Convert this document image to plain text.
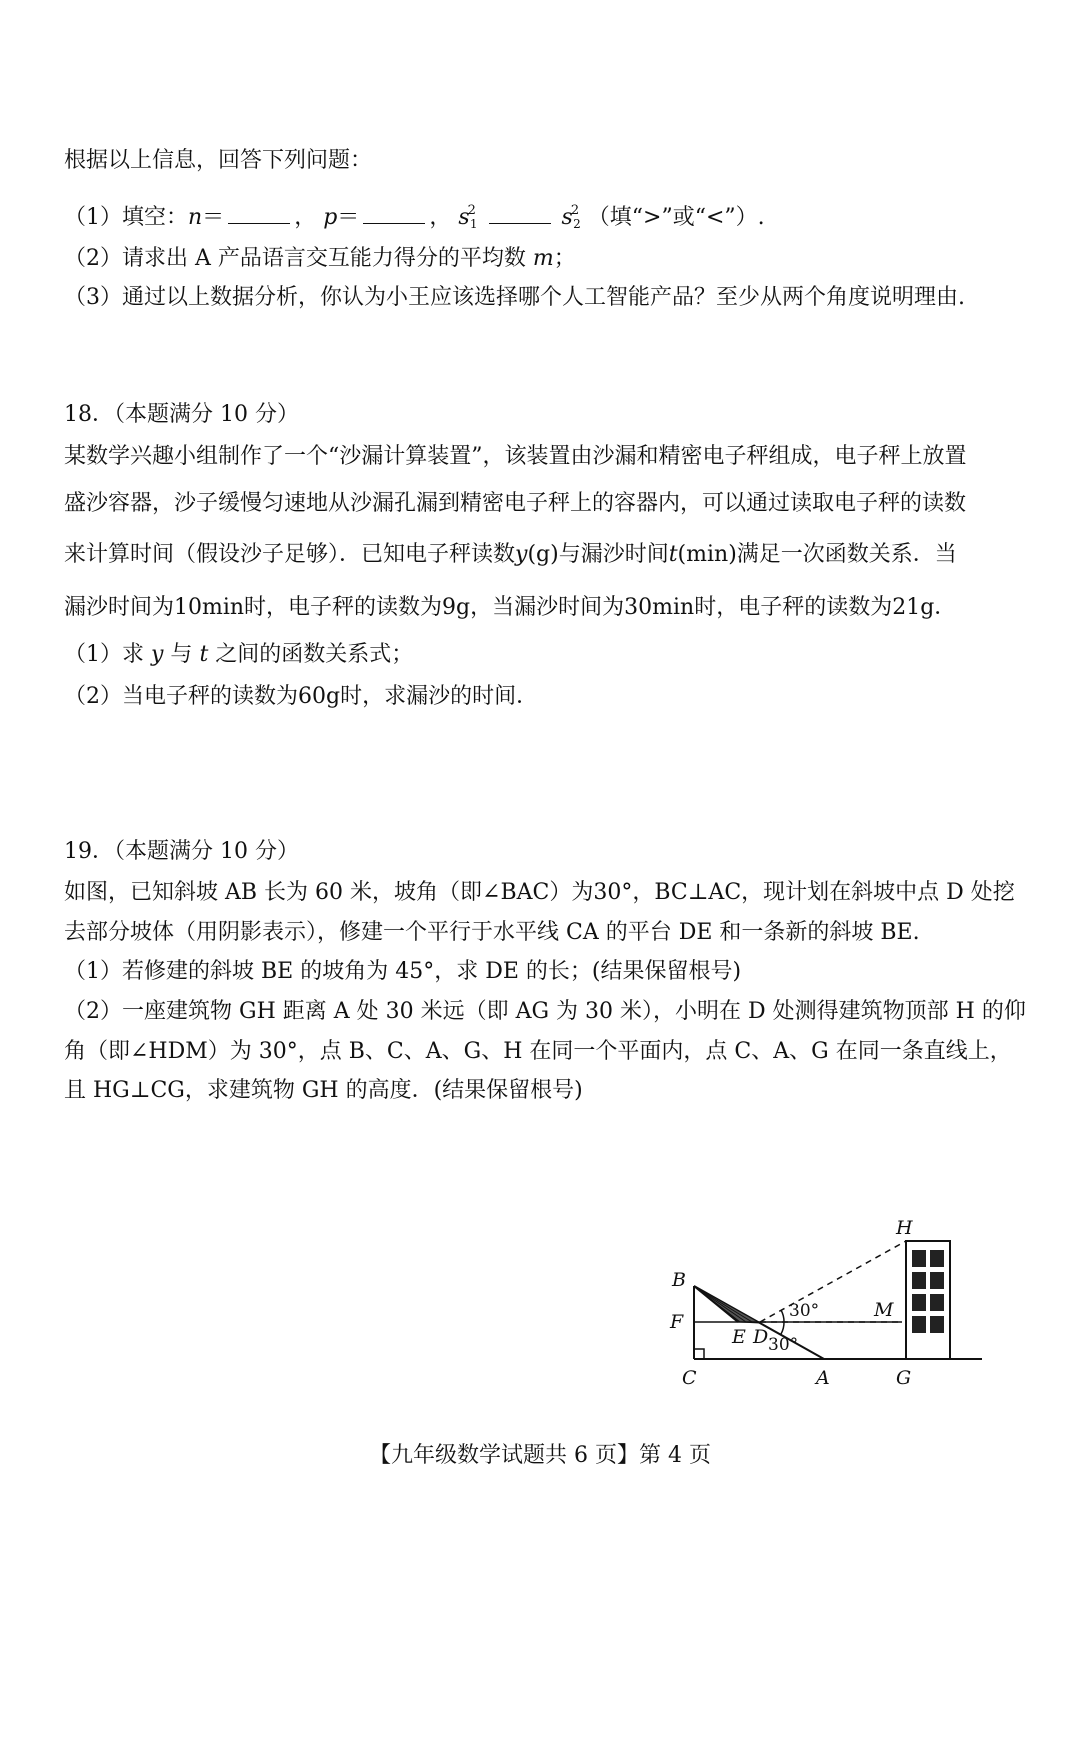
根据以上信息，回答下列问题：
（1）填空：n＝	， p＝	， $s^2_1$	$s^2_2$ （填“>”或“<”）.
（2）请求出 A 产品语言交互能力得分的平均数 m；
（3）通过以上数据分析，你认为小王应该选择哪个人工智能产品？至少从两个角度说明理由.
18．（本题满分 10 分）
某数学兴趣小组制作了一个“沙漏计算装置”，该装置由沙漏和精密电子秤组成，电子秤上放置
盛沙容器，沙子缓慢匀速地从沙漏孔漏到精密电子秤上的容器内，可以通过读取电子秤的读数
来计算时间（假设沙子足够）．已知电子秤读数y(g)与漏沙时间t(min)满足一次函数关系．当
漏沙时间为10min时，电子秤的读数为9g，当漏沙时间为30min时，电子秤的读数为21g．
（1）求 y 与 t 之间的函数关系式；
（2）当电子秤的读数为60g时，求漏沙的时间．
19．（本题满分 10 分）
如图，已知斜坡 AB 长为 60 米，坡角（即∠BAC）为30°，BC⊥AC，现计划在斜坡中点 D 处挖
去部分坡体（用阴影表示），修建一个平行于水平线 CA 的平台 DE 和一条新的斜坡 BE.
（1）若修建的斜坡 BE 的坡角为 45°，求 DE 的长；(结果保留根号)
（2）一座建筑物 GH 距离 A 处 30 米远（即 AG 为 30 米），小明在 D 处测得建筑物顶部 H 的仰
角（即∠HDM）为 30°，点 B、C、A、G、H 在同一个平面内，点 C、A、G 在同一条直线上，
且 HG⊥CG，求建筑物 GH 的高度．(结果保留根号)
B
F
C
E D
A	G
H
M
30°
30°
【九年级数学试题共 6 页】第 4 页
